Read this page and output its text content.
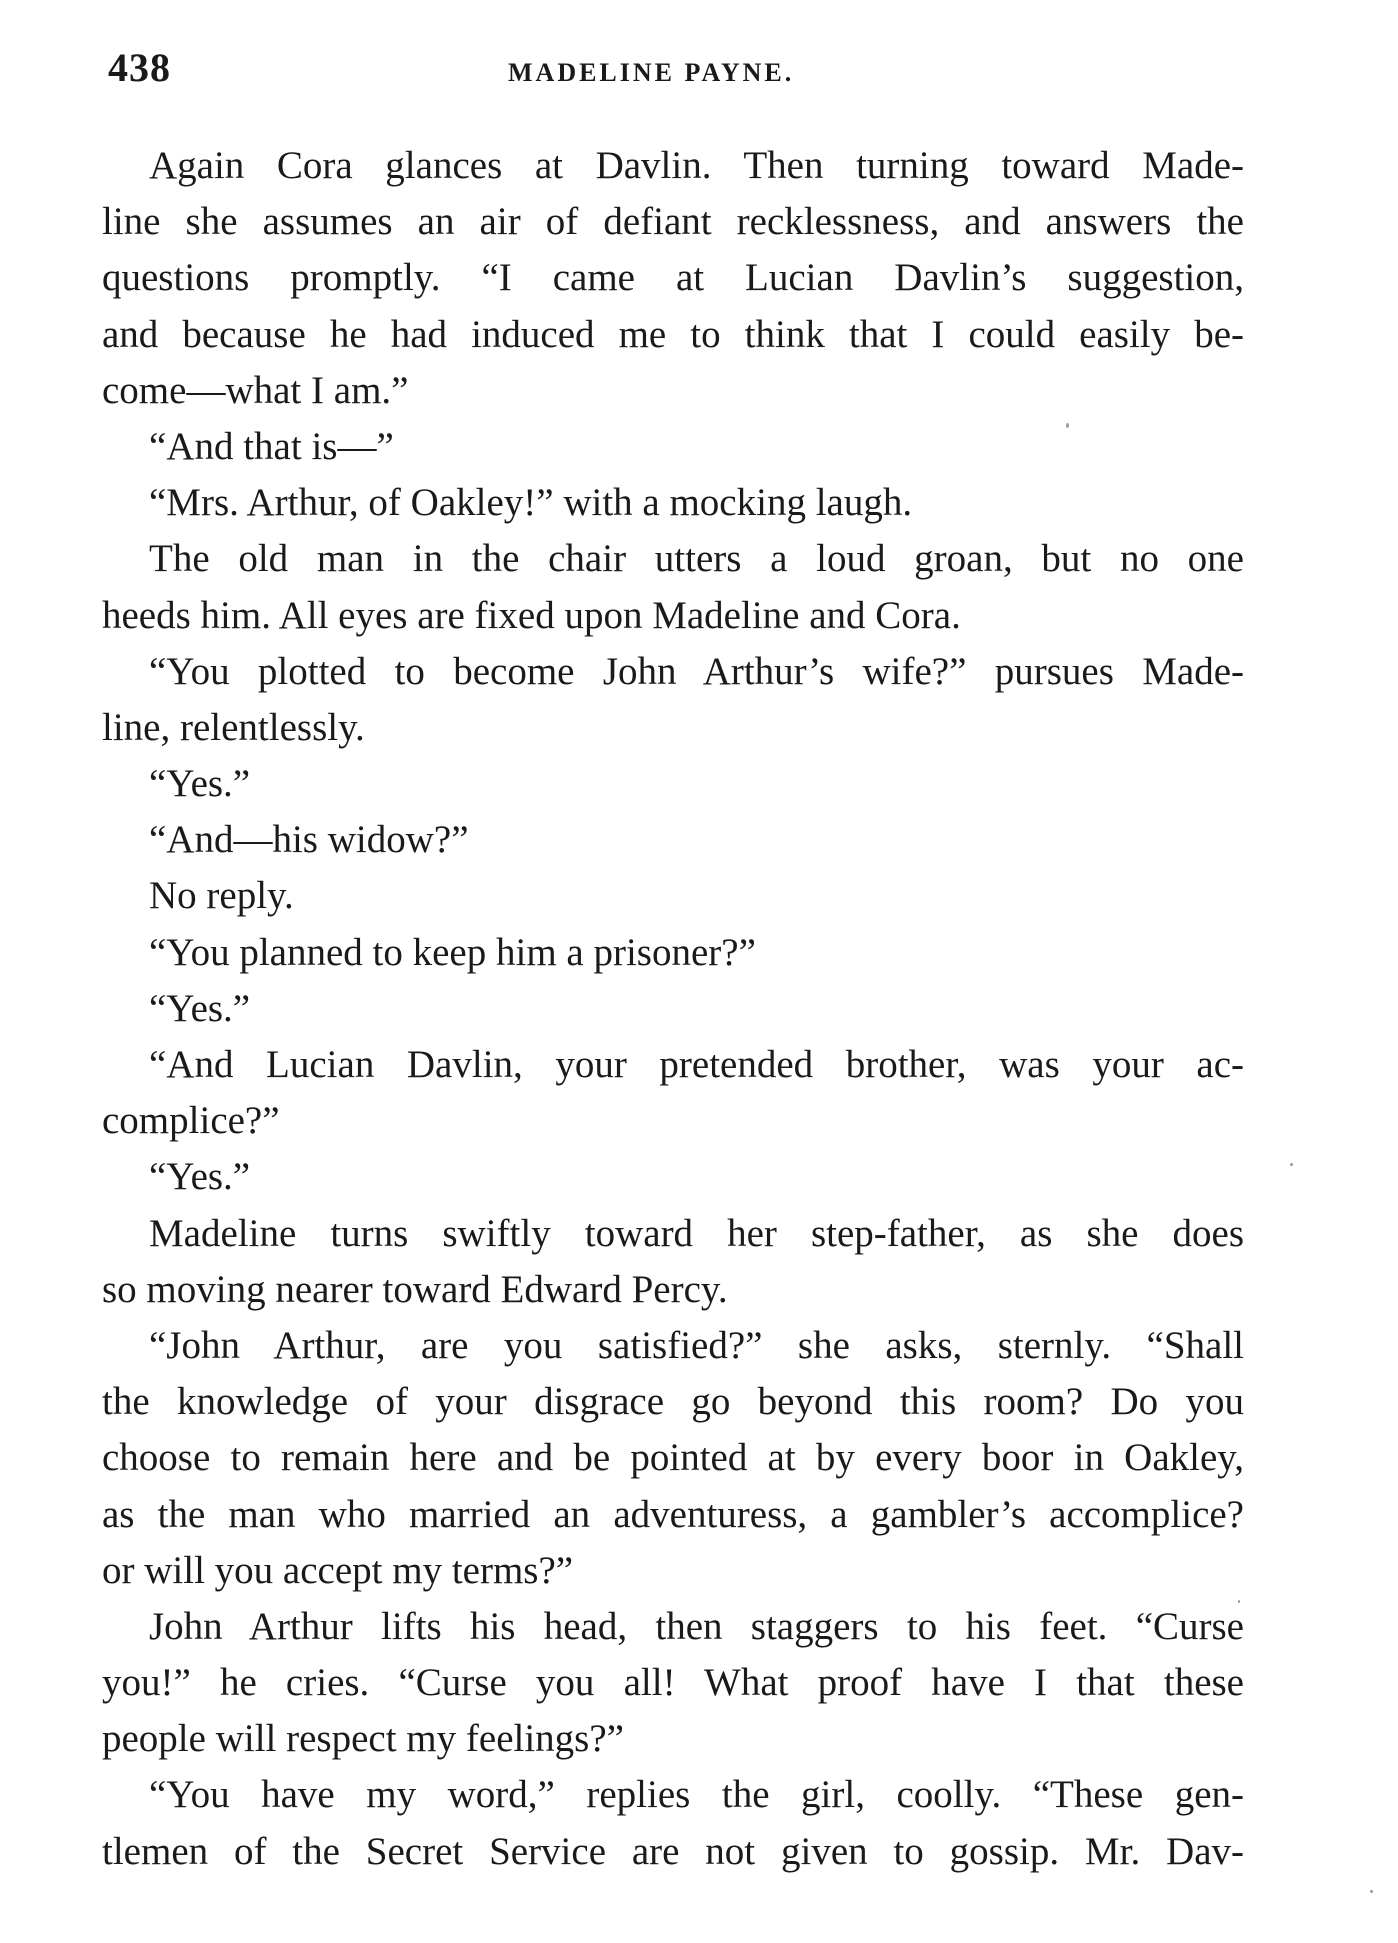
438	MADELINE PAYNE.
Again Cora glances at Davlin. Then turning toward Made-
line she assumes an air of defiant recklessness, and answers the
questions promptly. “I came at Lucian Davlin’s suggestion,
and because he had induced me to think that I could easily be-
come—what I am.”
“And that is—”
“Mrs. Arthur, of Oakley!” with a mocking laugh.
The old man in the chair utters a loud groan, but no one
heeds him. All eyes are fixed upon Madeline and Cora.
“You plotted to become John Arthur’s wife?” pursues Made-
line, relentlessly.
“Yes.”
“And—his widow?”
No reply.
“You planned to keep him a prisoner?”
“Yes.”
“And Lucian Davlin, your pretended brother, was your ac-
complice?”
“Yes.”
Madeline turns swiftly toward her step-father, as she does
so moving nearer toward Edward Percy.
“John Arthur, are you satisfied?” she asks, sternly. “Shall
the knowledge of your disgrace go beyond this room? Do you
choose to remain here and be pointed at by every boor in Oakley,
as the man who married an adventuress, a gambler’s accomplice?
or will you accept my terms?”
John Arthur lifts his head, then staggers to his feet. “Curse
you!” he cries. “Curse you all! What proof have I that these
people will respect my feelings?”
“You have my word,” replies the girl, coolly. “These gen-
tlemen of the Secret Service are not given to gossip. Mr. Dav-
